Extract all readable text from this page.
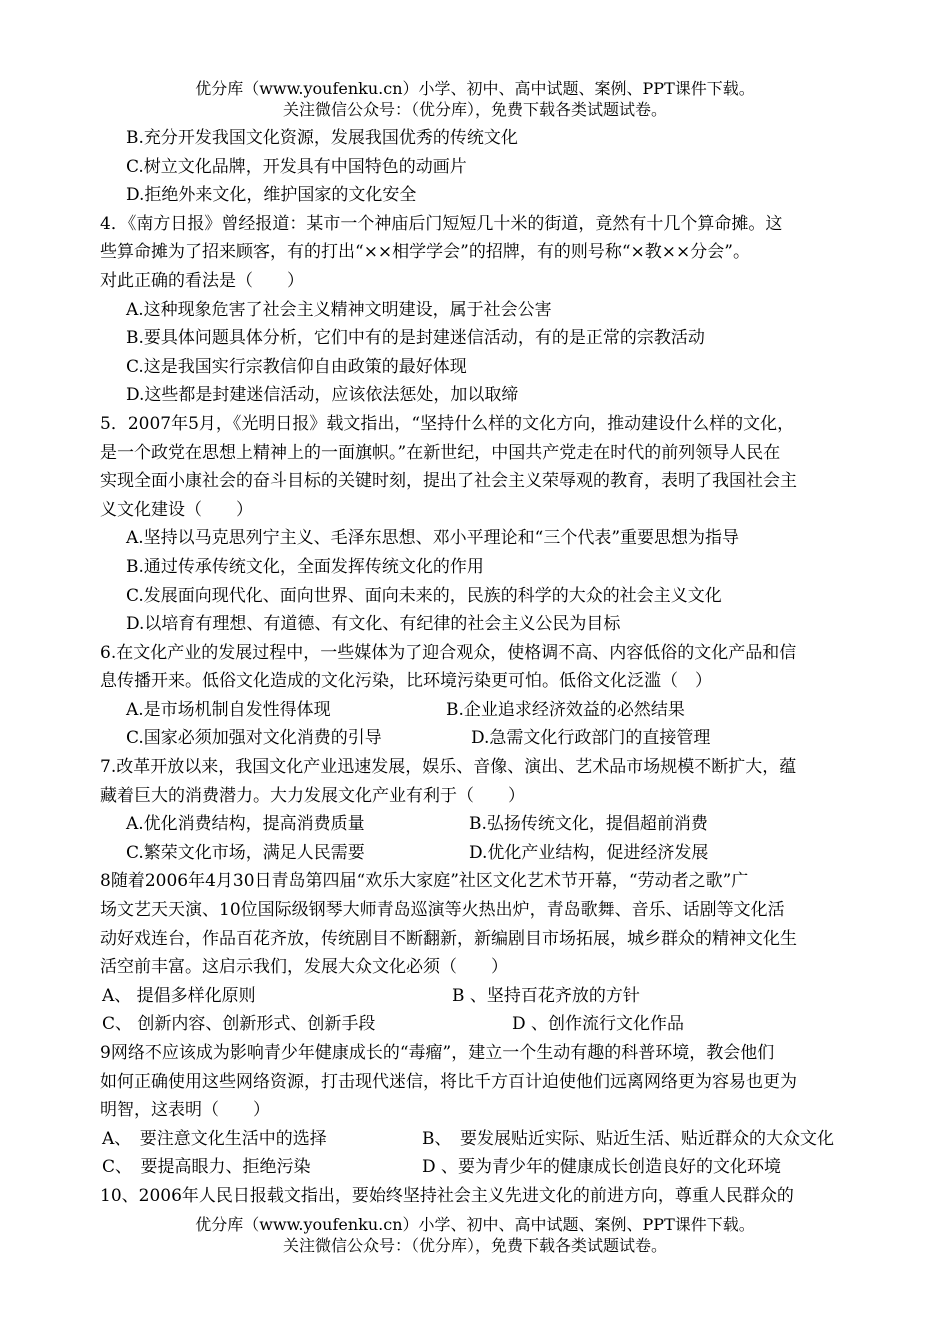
优分库（www.youfenku.cn）小学、初中、高中试题、案例、PPT课件下载。
关注微信公众号：（优分库），免费下载各类试题试卷。
B.充分开发我国文化资源，发展我国优秀的传统文化
C.树立文化品牌，开发具有中国特色的动画片
D.拒绝外来文化，维护国家的文化安全
4．《南方日报》曾经报道：某市一个神庙后门短短几十米的街道，竟然有十几个算命摊。这
些算命摊为了招来顾客，有的打出“××相学学会”的招牌，有的则号称“×教××分会”。
对此正确的看法是（　　）
A.这种现象危害了社会主义精神文明建设，属于社会公害
B.要具体问题具体分析，它们中有的是封建迷信活动，有的是正常的宗教活动
C.这是我国实行宗教信仰自由政策的最好体现
D.这些都是封建迷信活动，应该依法惩处，加以取缔
5．2007年5月，《光明日报》载文指出，“坚持什么样的文化方向，推动建设什么样的文化，
是一个政党在思想上精神上的一面旗帜。”在新世纪，中国共产党走在时代的前列领导人民在
实现全面小康社会的奋斗目标的关键时刻，提出了社会主义荣辱观的教育，表明了我国社会主
义文化建设（　　）
A.坚持以马克思列宁主义、毛泽东思想、邓小平理论和“三个代表”重要思想为指导
B.通过传承传统文化，全面发挥传统文化的作用
C.发展面向现代化、面向世界、面向未来的，民族的科学的大众的社会主义文化
D.以培育有理想、有道德、有文化、有纪律的社会主义公民为目标
6.在文化产业的发展过程中，一些媒体为了迎合观众，使格调不高、内容低俗的文化产品和信
息传播开来。低俗文化造成的文化污染，比环境污染更可怕。低俗文化泛滥（　）
A.是市场机制自发性得体现	B.企业追求经济效益的必然结果
C.国家必须加强对文化消费的引导	D.急需文化行政部门的直接管理
7.改革开放以来，我国文化产业迅速发展，娱乐、音像、演出、艺术品市场规模不断扩大，蕴
藏着巨大的消费潜力。大力发展文化产业有利于（　　）
A.优化消费结构，提高消费质量	B.弘扬传统文化，提倡超前消费
C.繁荣文化市场，满足人民需要	D.优化产业结构，促进经济发展
8随着2006年4月30日青岛第四届“欢乐大家庭”社区文化艺术节开幕，“劳动者之歌”广
场文艺天天演、10位国际级钢琴大师青岛巡演等火热出炉，青岛歌舞、音乐、话剧等文化活
动好戏连台，作品百花齐放，传统剧目不断翻新，新编剧目市场拓展，城乡群众的精神文化生
活空前丰富。这启示我们，发展大众文化必须（　　）
A、 提倡多样化原则	B 、坚持百花齐放的方针
C、 创新内容、创新形式、创新手段	D 、创作流行文化作品
9网络不应该成为影响青少年健康成长的“毒瘤”，建立一个生动有趣的科普环境，教会他们
如何正确使用这些网络资源，打击现代迷信，将比千方百计迫使他们远离网络更为容易也更为
明智，这表明（　　）
A、　要注意文化生活中的选择	B、　要发展贴近实际、贴近生活、贴近群众的大众文化
C、　要提高眼力、拒绝污染	D 、要为青少年的健康成长创造良好的文化环境
10、2006年人民日报载文指出，要始终坚持社会主义先进文化的前进方向，尊重人民群众的
优分库（www.youfenku.cn）小学、初中、高中试题、案例、PPT课件下载。
关注微信公众号：（优分库），免费下载各类试题试卷。
